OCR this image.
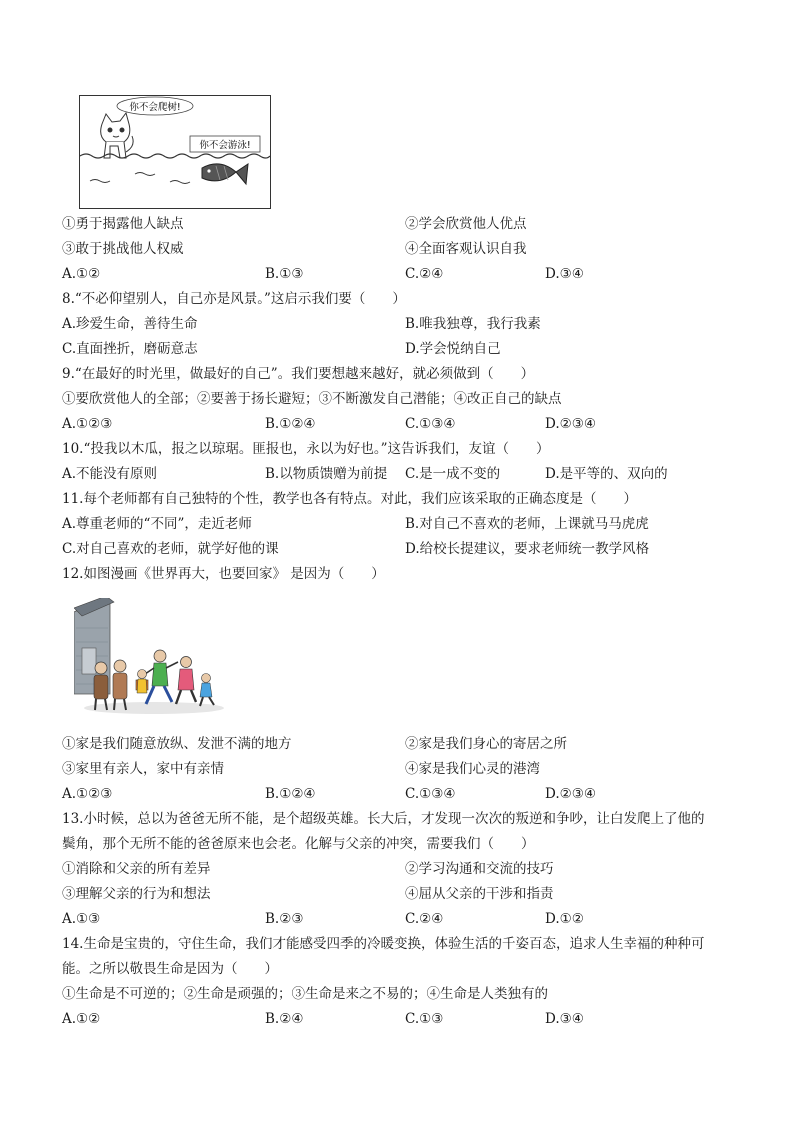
你不会爬树!
你不会游泳!
①勇于揭露他人缺点	②学会欣赏他人优点
③敢于挑战他人权威	④全面客观认识自我
A.①②	B.①③	C.②④	D.③④
8.“不必仰望别人，自己亦是风景。”这启示我们要（　　）
A.珍爱生命，善待生命	B.唯我独尊，我行我素
C.直面挫折，磨砺意志	D.学会悦纳自己
9.“在最好的时光里，做最好的自己”。我们要想越来越好，就必须做到（　　）
①要欣赏他人的全部；②要善于扬长避短；③不断激发自己潜能；④改正自己的缺点
A.①②③	B.①②④	C.①③④	D.②③④
10.“投我以木瓜，报之以琼琚。匪报也，永以为好也。”这告诉我们，友谊（　　）
A.不能没有原则	B.以物质馈赠为前提 C.是一成不变的	D.是平等的、双向的
11.每个老师都有自己独特的个性，教学也各有特点。对此，我们应该采取的正确态度是（　　）
A.尊重老师的“不同”，走近老师	B.对自己不喜欢的老师，上课就马马虎虎
C.对自己喜欢的老师，就学好他的课	D.给校长提建议，要求老师统一教学风格
12.如图漫画《世界再大，也要回家》 是因为（　　）
①家是我们随意放纵、发泄不满的地方	②家是我们身心的寄居之所
③家里有亲人，家中有亲情	④家是我们心灵的港湾
A.①②③	B.①②④	C.①③④	D.②③④
13.小时候，总以为爸爸无所不能，是个超级英雄。长大后，才发现一次次的叛逆和争吵，让白发爬上了他的
鬓角，那个无所不能的爸爸原来也会老。化解与父亲的冲突，需要我们（　　）
①消除和父亲的所有差异	②学习沟通和交流的技巧
③理解父亲的行为和想法	④屈从父亲的干涉和指责
A.①③	B.②③	C.②④	D.①②
14.生命是宝贵的，守住生命，我们才能感受四季的冷暖变换，体验生活的千姿百态，追求人生幸福的种种可
能。之所以敬畏生命是因为（　　）
①生命是不可逆的；②生命是顽强的；③生命是来之不易的；④生命是人类独有的
A.①②	B.②④	C.①③	D.③④
